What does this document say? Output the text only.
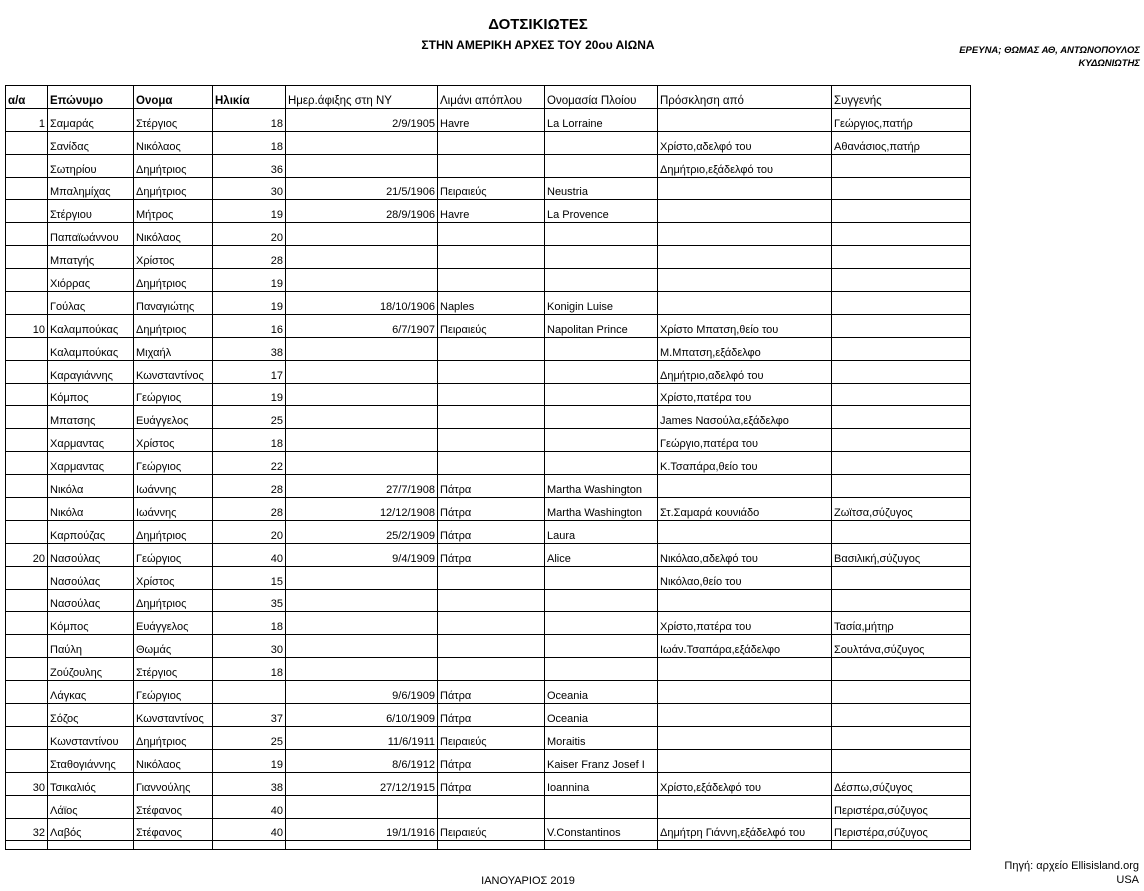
ΔΟΤΣΙΚΙΩΤΕΣ
ΣΤΗΝ ΑΜΕΡΙΚΗ ΑΡΧΕΣ ΤΟΥ 20ου ΑΙΩΝΑ	ΕΡΕΥΝΑ; ΘΩΜΑΣ ΑΘ, ΑΝΤΩΝΟΠΟΥΛΟΣ
ΚΥΔΩΝΙΩΤΗΣ
α/α	Επώνυμο	Ονομα	Ηλικία	Ημερ.άφιξης στη ΝΥ	Λιμάνι απόπλου	Ονομασία Πλοίου	Πρόσκληση από	Συγγενής
1	Σαμαράς	Στέργιος	18	2/9/1905	Havre	La Lorraine		Γεώργιος,πατήρ
	Σανίδας	Νικόλαος	18				Χρίστο,αδελφό του	Αθανάσιος,πατήρ
	Σωτηρίου	Δημήτριος	36				Δημήτριο,εξάδελφό του	
	Μπαλημίχας	Δημήτριος	30	21/5/1906	Πειραιεύς	Neustria		
	Στέργιου	Μήτρος	19	28/9/1906	Havre	La Provence		
	Παπαϊωάννου	Νικόλαος	20					
	Μπατγής	Χρίστος	28					
	Χιόρρας	Δημήτριος	19					
	Γούλας	Παναγιώτης	19	18/10/1906	Naples	Konigin Luise		
10	Καλαμπούκας	Δημήτριος	16	6/7/1907	Πειραιεύς	Napolitan Prince	Χρίστο Μπατση,θείο του	
	Καλαμπούκας	Μιχαήλ	38				Μ.Μπατση,εξάδελφο	
	Καραγιάννης	Κωνσταντίνος	17				Δημήτριο,αδελφό του	
	Κόμπος	Γεώργιος	19				Χρίστο,πατέρα του	
	Μπατσης	Ευάγγελος	25				James Νασούλα,εξάδελφο	
	Χαρμαντας	Χρίστος	18				Γεώργιο,πατέρα του	
	Χαρμαντας	Γεώργιος	22				Κ.Τσαπάρα,θείο του	
	Νικόλα	Ιωάννης	28	27/7/1908	Πάτρα	Martha Washington		
	Νικόλα	Ιωάννης	28	12/12/1908	Πάτρα	Martha Washington	Στ.Σαμαρά κουνιάδο	Ζωϊτσα,σύζυγος
	Καρπούζας	Δημήτριος	20	25/2/1909	Πάτρα	Laura		
20	Νασούλας	Γεώργιος	40	9/4/1909	Πάτρα	Alice	Νικόλαο,αδελφό του	Βασιλική,σύζυγος
	Νασούλας	Χρίστος	15				Νικόλαο,θείο του	
	Νασούλας	Δημήτριος	35					
	Κόμπος	Ευάγγελος	18				Χρίστο,πατέρα του	Τασία,μήτηρ
	Παύλη	Θωμάς	30				Ιωάν.Τσαπάρα,εξάδελφο	Σουλτάνα,σύζυγος
	Ζούζουλης	Στέργιος	18					
	Λάγκας	Γεώργιος		9/6/1909	Πάτρα	Oceania		
	Σόζος	Κωνσταντίνος	37	6/10/1909	Πάτρα	Oceania		
	Κωνσταντίνου	Δημήτριος	25	11/6/1911	Πειραιεύς	Moraitis		
	Σταθογιάννης	Νικόλαος	19	8/6/1912	Πάτρα	Kaiser Franz Josef I		
30	Τσικαλιός	Γιαννούλης	38	27/12/1915	Πάτρα	Ioannina	Χρίστο,εξάδελφό του	Δέσπω,σύζυγος
	Λάϊος	Στέφανος	40					Περιστέρα,σύζυγος
32	Λαβός	Στέφανος	40	19/1/1916	Πειραιεύς	V.Constantinos	Δημήτρη Γιάννη,εξάδελφό του	Περιστέρα,σύζυγος

ΙΑΝΟΥΑΡΙΟΣ 2019
Πηγή: αρχείο Ellisisland.org
USA
